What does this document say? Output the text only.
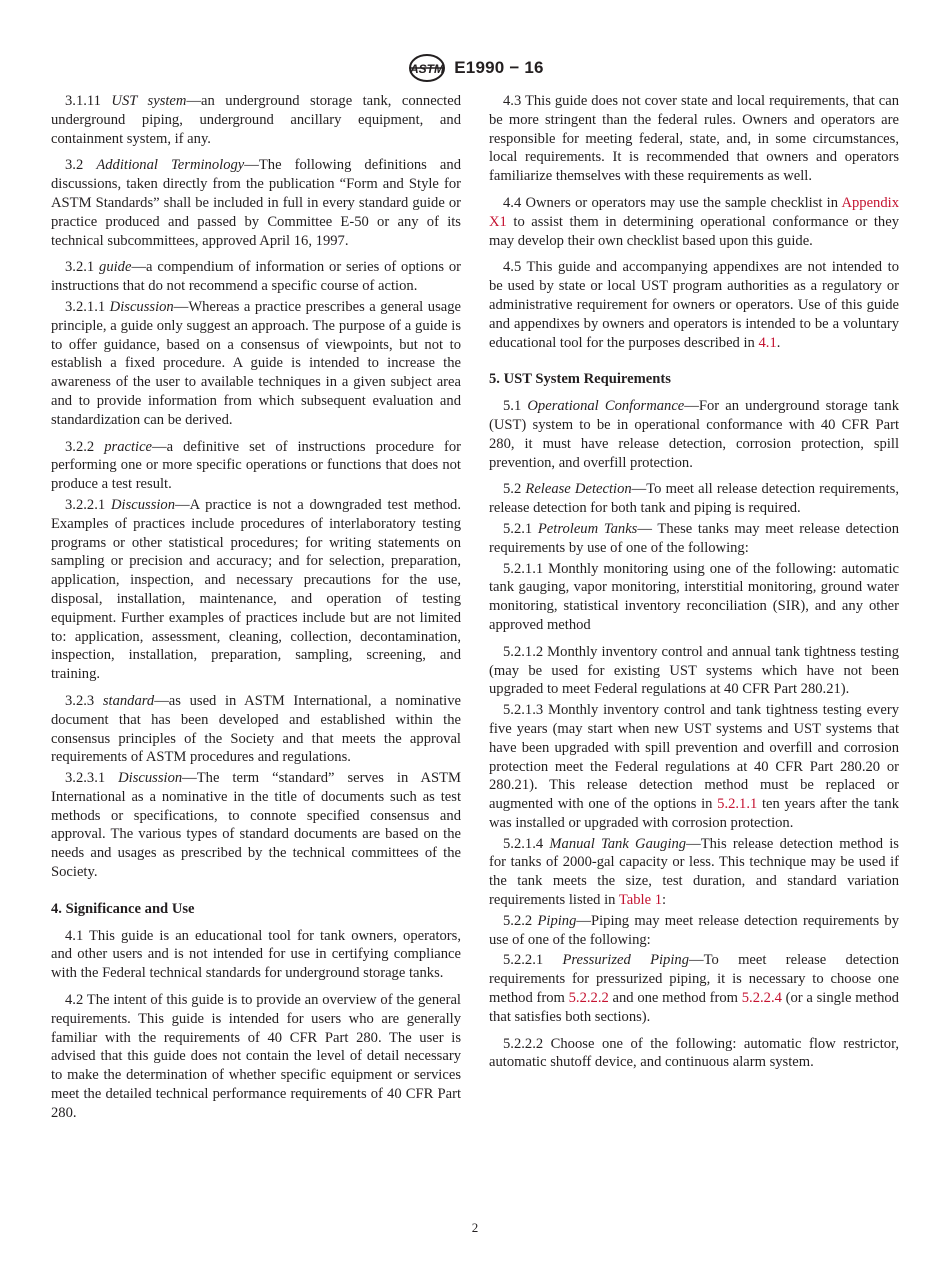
ASTM E1990 − 16

3.1.11 UST system—an underground storage tank, connected underground piping, underground ancillary equipment, and containment system, if any.

3.2 Additional Terminology—The following definitions and discussions, taken directly from the publication “Form and Style for ASTM Standards” shall be included in full in every standard guide or practice produced and passed by Committee E-50 or any of its technical subcommittees, approved April 16, 1997.

3.2.1 guide—a compendium of information or series of options or instructions that do not recommend a specific course of action.

3.2.1.1 Discussion—Whereas a practice prescribes a general usage principle, a guide only suggest an approach. The purpose of a guide is to offer guidance, based on a consensus of viewpoints, but not to establish a fixed procedure. A guide is intended to increase the awareness of the user to available techniques in a given subject area and to provide information from which subsequent evaluation and standardization can be derived.

3.2.2 practice—a definitive set of instructions procedure for performing one or more specific operations or functions that does not produce a test result.

3.2.2.1 Discussion—A practice is not a downgraded test method. Examples of practices include procedures of interlaboratory testing programs or other statistical procedures; for writing statements on sampling or precision and accuracy; and for selection, preparation, application, inspection, and necessary precautions for the use, disposal, installation, maintenance, and operation of testing equipment. Further examples of practices include but are not limited to: application, assessment, cleaning, collection, decontamination, inspection, installation, preparation, sampling, screening, and training.

3.2.3 standard—as used in ASTM International, a nominative document that has been developed and established within the consensus principles of the Society and that meets the approval requirements of ASTM procedures and regulations.

3.2.3.1 Discussion—The term “standard” serves in ASTM International as a nominative in the title of documents such as test methods or specifications, to connote specified consensus and approval. The various types of standard documents are based on the needs and usages as prescribed by the technical committees of the Society.

4. Significance and Use

4.1 This guide is an educational tool for tank owners, operators, and other users and is not intended for use in certifying compliance with the Federal technical standards for underground storage tanks.

4.2 The intent of this guide is to provide an overview of the general requirements. This guide is intended for users who are generally familiar with the requirements of 40 CFR Part 280. The user is advised that this guide does not contain the level of detail necessary to make the determination of whether specific equipment or services meet the detailed technical performance requirements of 40 CFR Part 280.

4.3 This guide does not cover state and local requirements, that can be more stringent than the federal rules. Owners and operators are responsible for meeting federal, state, and, in some circumstances, local requirements. It is recommended that owners and operators familiarize themselves with these requirements as well.

4.4 Owners or operators may use the sample checklist in Appendix X1 to assist them in determining operational conformance or they may develop their own checklist based upon this guide.

4.5 This guide and accompanying appendixes are not intended to be used by state or local UST program authorities as a regulatory or administrative requirement for owners or operators. Use of this guide and appendixes by owners and operators is intended to be a voluntary educational tool for the purposes described in 4.1.

5. UST System Requirements

5.1 Operational Conformance—For an underground storage tank (UST) system to be in operational conformance with 40 CFR Part 280, it must have release detection, corrosion protection, spill prevention, and overfill protection.

5.2 Release Detection—To meet all release detection requirements, release detection for both tank and piping is required.

5.2.1 Petroleum Tanks— These tanks may meet release detection requirements by use of one of the following:

5.2.1.1 Monthly monitoring using one of the following: automatic tank gauging, vapor monitoring, interstitial monitoring, ground water monitoring, statistical inventory reconciliation (SIR), and any other approved method

5.2.1.2 Monthly inventory control and annual tank tightness testing (may be used for existing UST systems which have not been upgraded to meet Federal regulations at 40 CFR Part 280.21).

5.2.1.3 Monthly inventory control and tank tightness testing every five years (may start when new UST systems and UST systems that have been upgraded with spill prevention and overfill and corrosion protection meet the Federal regulations at 40 CFR Part 280.20 or 280.21). This release detection method must be replaced or augmented with one of the options in 5.2.1.1 ten years after the tank was installed or upgraded with corrosion protection.

5.2.1.4 Manual Tank Gauging—This release detection method is for tanks of 2000-gal capacity or less. This technique may be used if the tank meets the size, test duration, and standard variation requirements listed in Table 1:

5.2.2 Piping—Piping may meet release detection requirements by use of one of the following:

5.2.2.1 Pressurized Piping—To meet release detection requirements for pressurized piping, it is necessary to choose one method from 5.2.2.2 and one method from 5.2.2.4 (or a single method that satisfies both sections).

5.2.2.2 Choose one of the following: automatic flow restrictor, automatic shutoff device, and continuous alarm system.

2
